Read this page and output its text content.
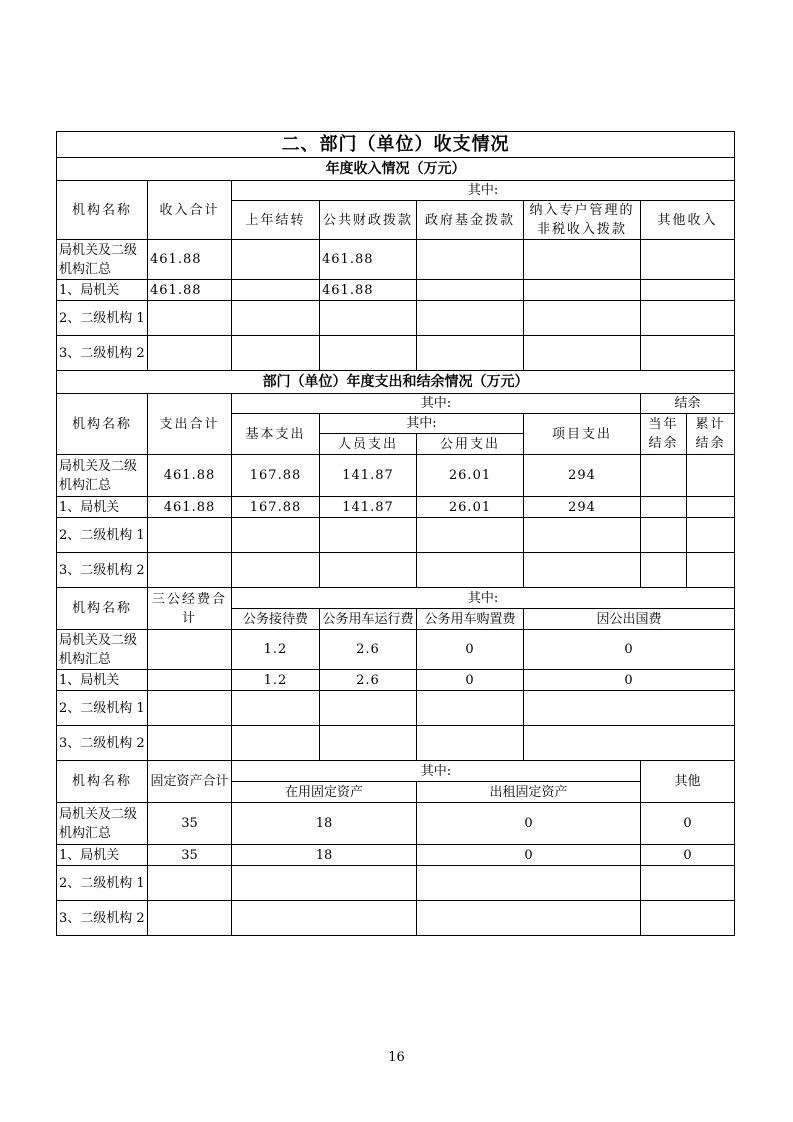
二、部门（单位）收支情况							
年度收入情况（万元）							
机构名称	收入合计	其中:					
		上年结转	公共财政拨款	政府基金拨款	纳入专户管理的非税收入拨款	其他收入	
局机关及二级机构汇总	461.88		461.88				
1、局机关	461.88		461.88				
2、二级机构 1							
3、二级机构 2							
部门（单位）年度支出和结余情况（万元）							
机构名称	支出合计	其中:				结余	
		基本支出	其中:		项目支出	当年结余	累计结余
			人员支出	公用支出			
局机关及二级机构汇总	461.88	167.88	141.87	26.01	294		
1、局机关	461.88	167.88	141.87	26.01	294		
2、二级机构 1							
3、二级机构 2							
机构名称	三公经费合计	其中:					
		公务接待费	公务用车运行费	公务用车购置费	因公出国费		
局机关及二级机构汇总		1.2	2.6	0	0		
1、局机关		1.2	2.6	0	0		
2、二级机构 1							
3、二级机构 2							
机构名称	固定资产合计	其中:				其他	
		在用固定资产		出租固定资产			
局机关及二级机构汇总	35	18		0		0	
1、局机关	35	18		0		0	
2、二级机构 1							
3、二级机构 2							
16
